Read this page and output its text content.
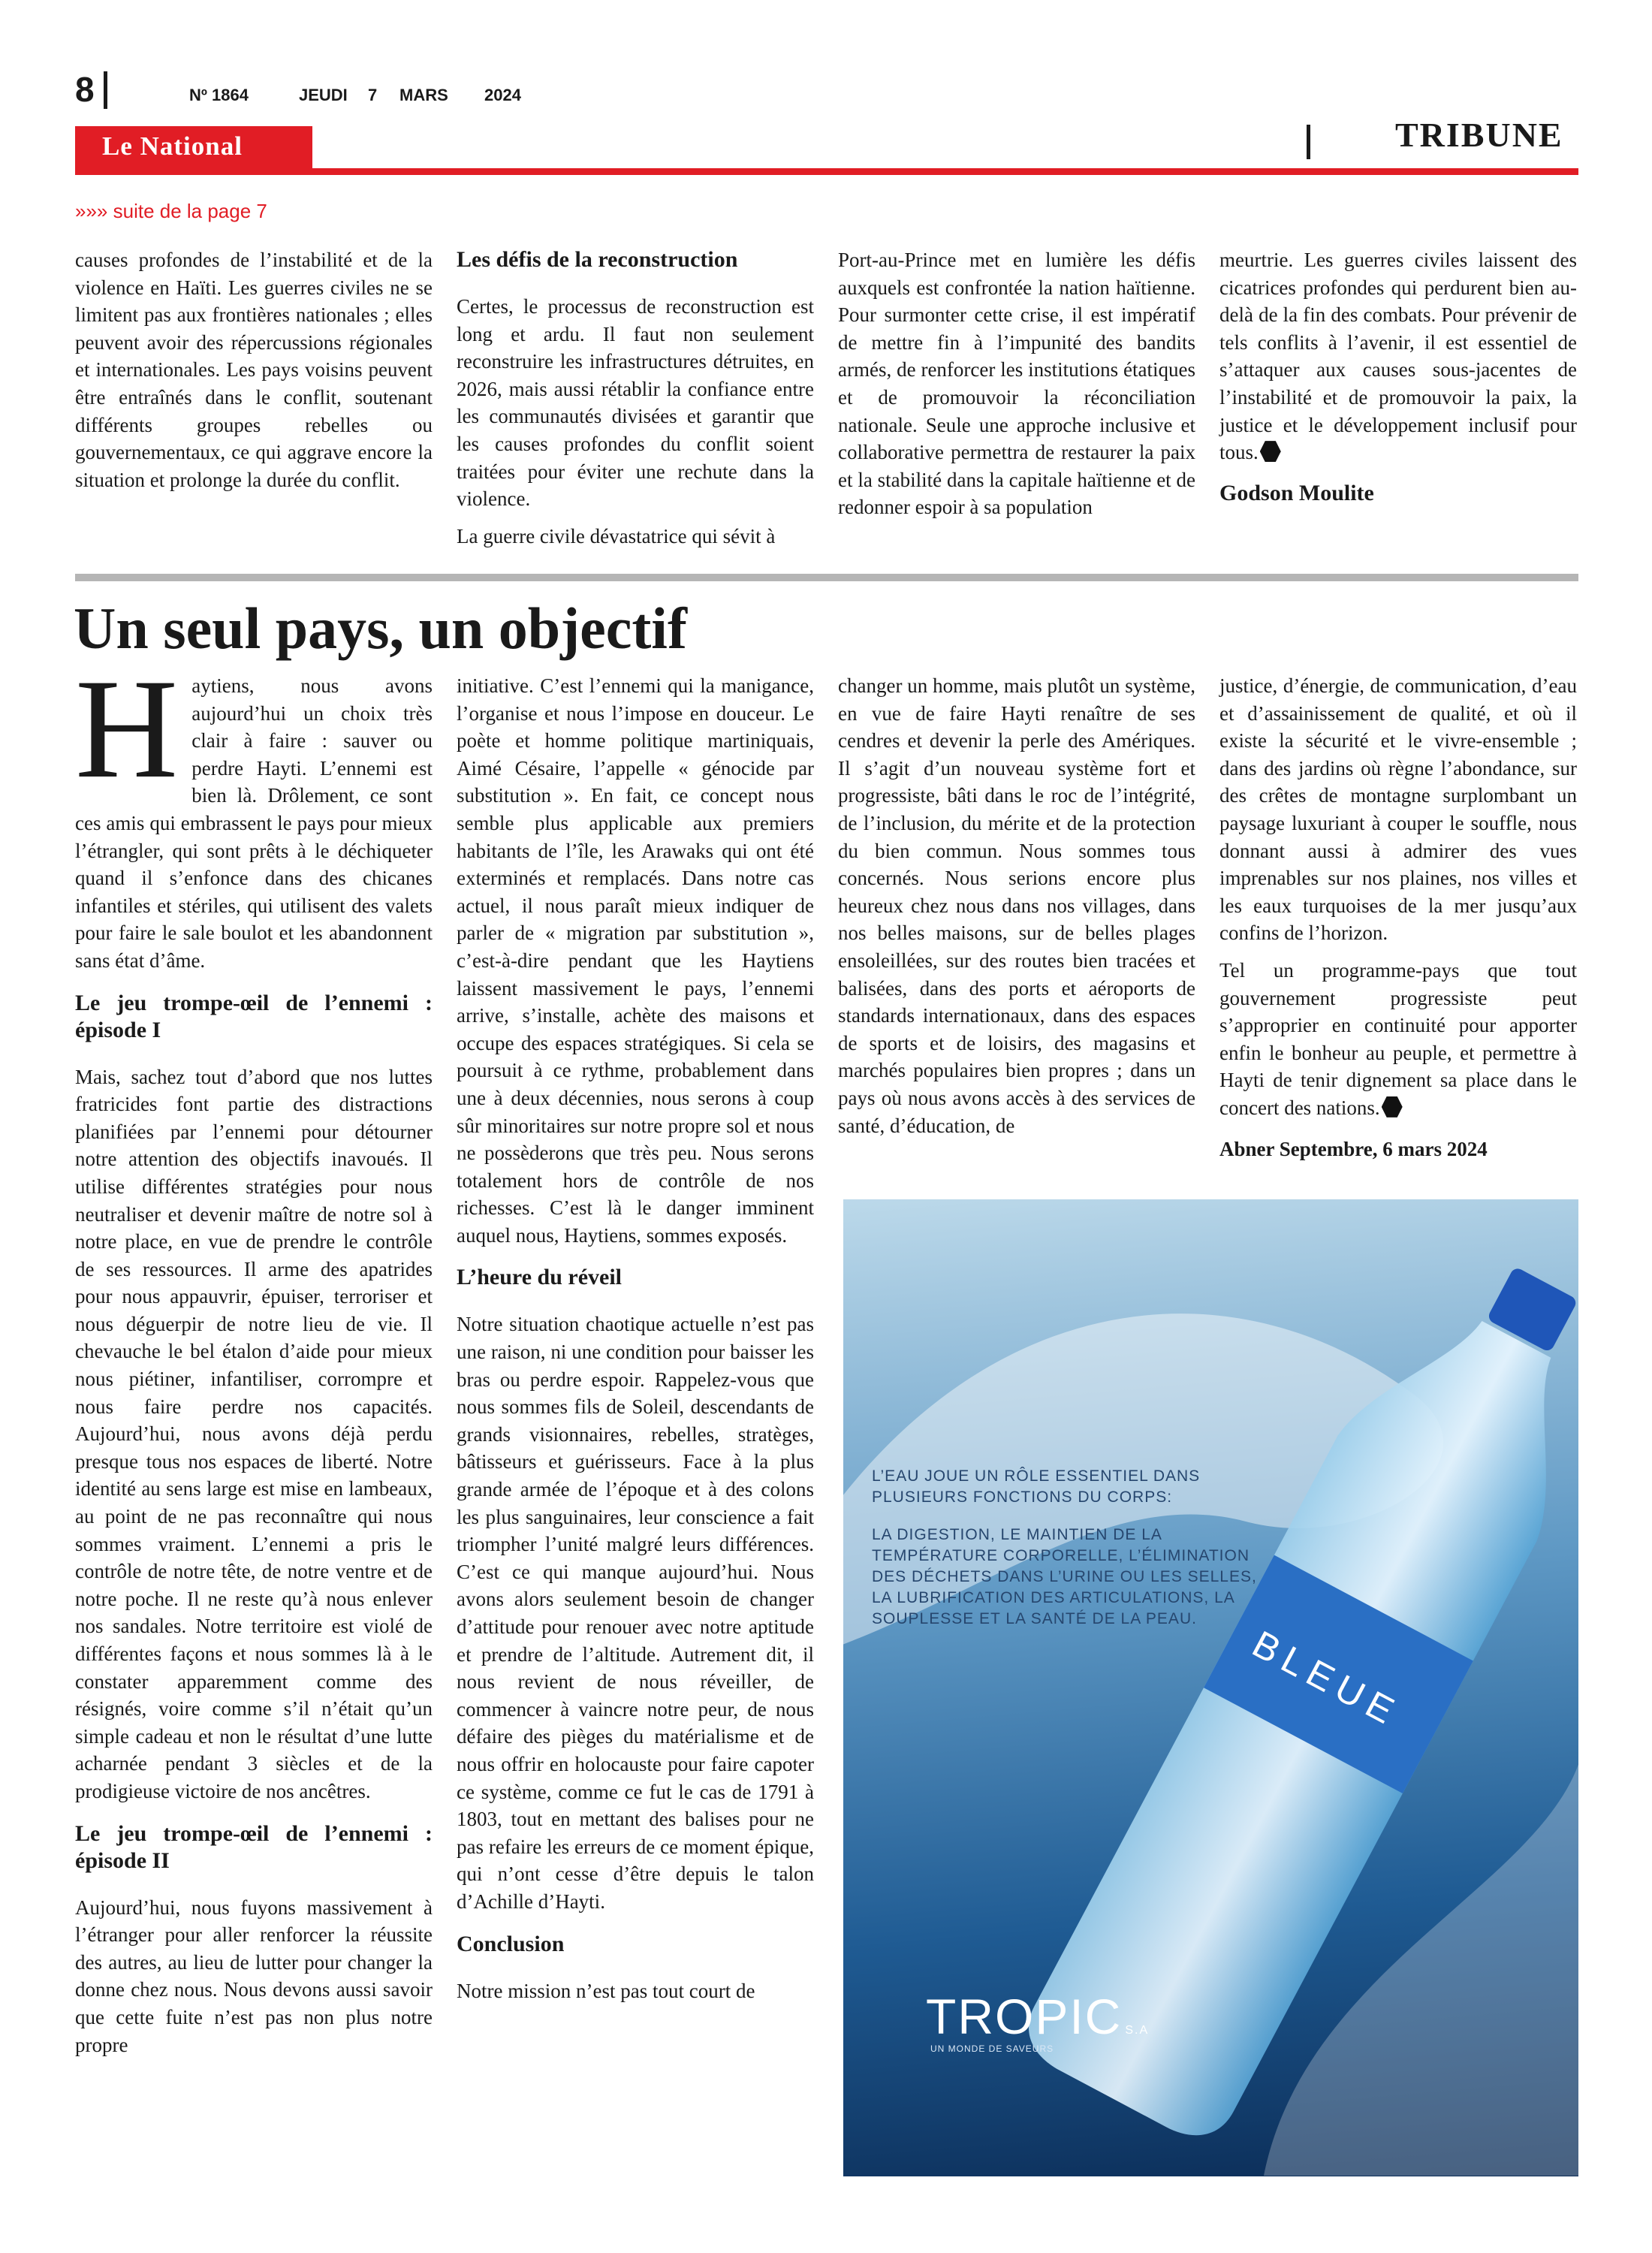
8	Nº 1864	JEUDI 7 MARS 2024
Le National	TRIBUNE
»»» suite de la page 7

causes profondes de l’instabilité et de la violence en Haïti. Les guerres civiles ne se limitent pas aux frontières nationales ; elles peuvent avoir des répercussions régionales et internationales. Les pays voisins peuvent être entraînés dans le conflit, soutenant différents groupes rebelles ou gouvernementaux, ce qui aggrave encore la situation et prolonge la durée du conflit.

Les défis de la reconstruction

Certes, le processus de reconstruction est long et ardu. Il faut non seulement reconstruire les infrastructures détruites, en 2026, mais aussi rétablir la confiance entre les communautés divisées et garantir que les causes profondes du conflit soient traitées pour éviter une rechute dans la violence.

La guerre civile dévastatrice qui sévit à

Port-au-Prince met en lumière les défis auxquels est confrontée la nation haïtienne. Pour surmonter cette crise, il est impératif de mettre fin à l’impunité des bandits armés, de renforcer les institutions étatiques et de promouvoir la réconciliation nationale. Seule une approche inclusive et collaborative permettra de restaurer la paix et la stabilité dans la capitale haïtienne et de redonner espoir à sa population

meurtrie. Les guerres civiles laissent des cicatrices profondes qui perdurent bien au-delà de la fin des combats. Pour prévenir de tels conflits à l’avenir, il est essentiel de s’attaquer aux causes sous-jacentes de l’instabilité et de promouvoir la paix, la justice et le développement inclusif pour tous.

Godson Moulite
Un seul pays, un objectif

Haytiens, nous avons aujourd’hui un choix très clair à faire : sauver ou perdre Hayti. L’ennemi est bien là. Drôlement, ce sont ces amis qui embrassent le pays pour mieux l’étrangler, qui sont prêts à le déchiqueter quand il s’enfonce dans des chicanes infantiles et stériles, qui utilisent des valets pour faire le sale boulot et les abandonnent sans état d’âme.

Le jeu trompe-œil de l’ennemi : épisode I

Mais, sachez tout d’abord que nos luttes fratricides font partie des distractions planifiées par l’ennemi pour détourner notre attention des objectifs inavoués. Il utilise différentes stratégies pour nous neutraliser et devenir maître de notre sol à notre place, en vue de prendre le contrôle de ses ressources. Il arme des apatrides pour nous appauvrir, épuiser, terroriser et nous déguerpir de notre lieu de vie. Il chevauche le bel étalon d’aide pour mieux nous piétiner, infantiliser, corrompre et nous faire perdre nos capacités. Aujourd’hui, nous avons déjà perdu presque tous nos espaces de liberté. Notre identité au sens large est mise en lambeaux, au point de ne pas reconnaître qui nous sommes vraiment. L’ennemi a pris le contrôle de notre tête, de notre ventre et de notre poche. Il ne reste qu’à nous enlever nos sandales. Notre territoire est violé de différentes façons et nous sommes là à le constater apparemment comme des résignés, voire comme s’il n’était qu’un simple cadeau et non le résultat d’une lutte acharnée pendant 3 siècles et de la prodigieuse victoire de nos ancêtres.

Le jeu trompe-œil de l’ennemi : épisode II

Aujourd’hui, nous fuyons massivement à l’étranger pour aller renforcer la réussite des autres, au lieu de lutter pour changer la donne chez nous. Nous devons aussi savoir que cette fuite n’est pas non plus notre propre

initiative. C’est l’ennemi qui la manigance, l’organise et nous l’impose en douceur. Le poète et homme politique martiniquais, Aimé Césaire, l’appelle « génocide par substitution ». En fait, ce concept nous semble plus applicable aux premiers habitants de l’île, les Arawaks qui ont été exterminés et remplacés. Dans notre cas actuel, il nous paraît mieux indiquer de parler de « migration par substitution », c’est-à-dire pendant que les Haytiens laissent massivement le pays, l’ennemi arrive, s’installe, achète des maisons et occupe des espaces stratégiques. Si cela se poursuit à ce rythme, probablement dans une à deux décennies, nous serons à coup sûr minoritaires sur notre propre sol et nous ne possèderons que très peu. Nous serons totalement hors de contrôle de nos richesses. C’est là le danger imminent auquel nous, Haytiens, sommes exposés.

L’heure du réveil

Notre situation chaotique actuelle n’est pas une raison, ni une condition pour baisser les bras ou perdre espoir. Rappelez-vous que nous sommes fils de Soleil, descendants de grands visionnaires, rebelles, stratèges, bâtisseurs et guérisseurs. Face à la plus grande armée de l’époque et à des colons les plus sanguinaires, leur conscience a fait triompher l’unité malgré leurs différences. C’est ce qui manque aujourd’hui. Nous avons alors seulement besoin de changer d’attitude pour renouer avec notre aptitude et prendre de l’altitude. Autrement dit, il nous revient de nous réveiller, de commencer à vaincre notre peur, de nous défaire des pièges du matérialisme et de nous offrir en holocauste pour faire capoter ce système, comme ce fut le cas de 1791 à 1803, tout en mettant des balises pour ne pas refaire les erreurs de ce moment épique, qui n’ont cesse d’être depuis le talon d’Achille d’Hayti.

Conclusion

Notre mission n’est pas tout court de

changer un homme, mais plutôt un système, en vue de faire Hayti renaître de ses cendres et devenir la perle des Amériques. Il s’agit d’un nouveau système fort et progressiste, bâti dans le roc de l’intégrité, de l’inclusion, du mérite et de la protection du bien commun. Nous sommes tous concernés. Nous serions encore plus heureux chez nous dans nos villages, dans nos belles maisons, sur de belles plages ensoleillées, sur des routes bien tracées et balisées, dans des ports et aéroports de standards internationaux, dans des espaces de sports et de loisirs, des magasins et marchés populaires bien propres ; dans un pays où nous avons accès à des services de santé, d’éducation, de

justice, d’énergie, de communication, d’eau et d’assainissement de qualité, et où il existe la sécurité et le vivre-ensemble ; dans des jardins où règne l’abondance, sur des crêtes de montagne surplombant un paysage luxuriant à couper le souffle, nous donnant aussi à admirer des vues imprenables sur nos plaines, nos villes et les eaux turquoises de la mer jusqu’aux confins de l’horizon.

Tel un programme-pays que tout gouvernement progressiste peut s’approprier en continuité pour apporter enfin le bonheur au peuple, et permettre à Hayti de tenir dignement sa place dans le concert des nations.

Abner Septembre, 6 mars 2024
BLEUE

L’EAU JOUE UN RÔLE ESSENTIEL DANS PLUSIEURS FONCTIONS DU CORPS:

LA DIGESTION, LE MAINTIEN DE LA TEMPÉRATURE CORPORELLE, L’ÉLIMINATION DES DÉCHETS DANS L’URINE OU LES SELLES, LA LUBRIFICATION DES ARTICULATIONS, LA SOUPLESSE ET LA SANTÉ DE LA PEAU.

TROPIC S.A
UN MONDE DE SAVEURS
